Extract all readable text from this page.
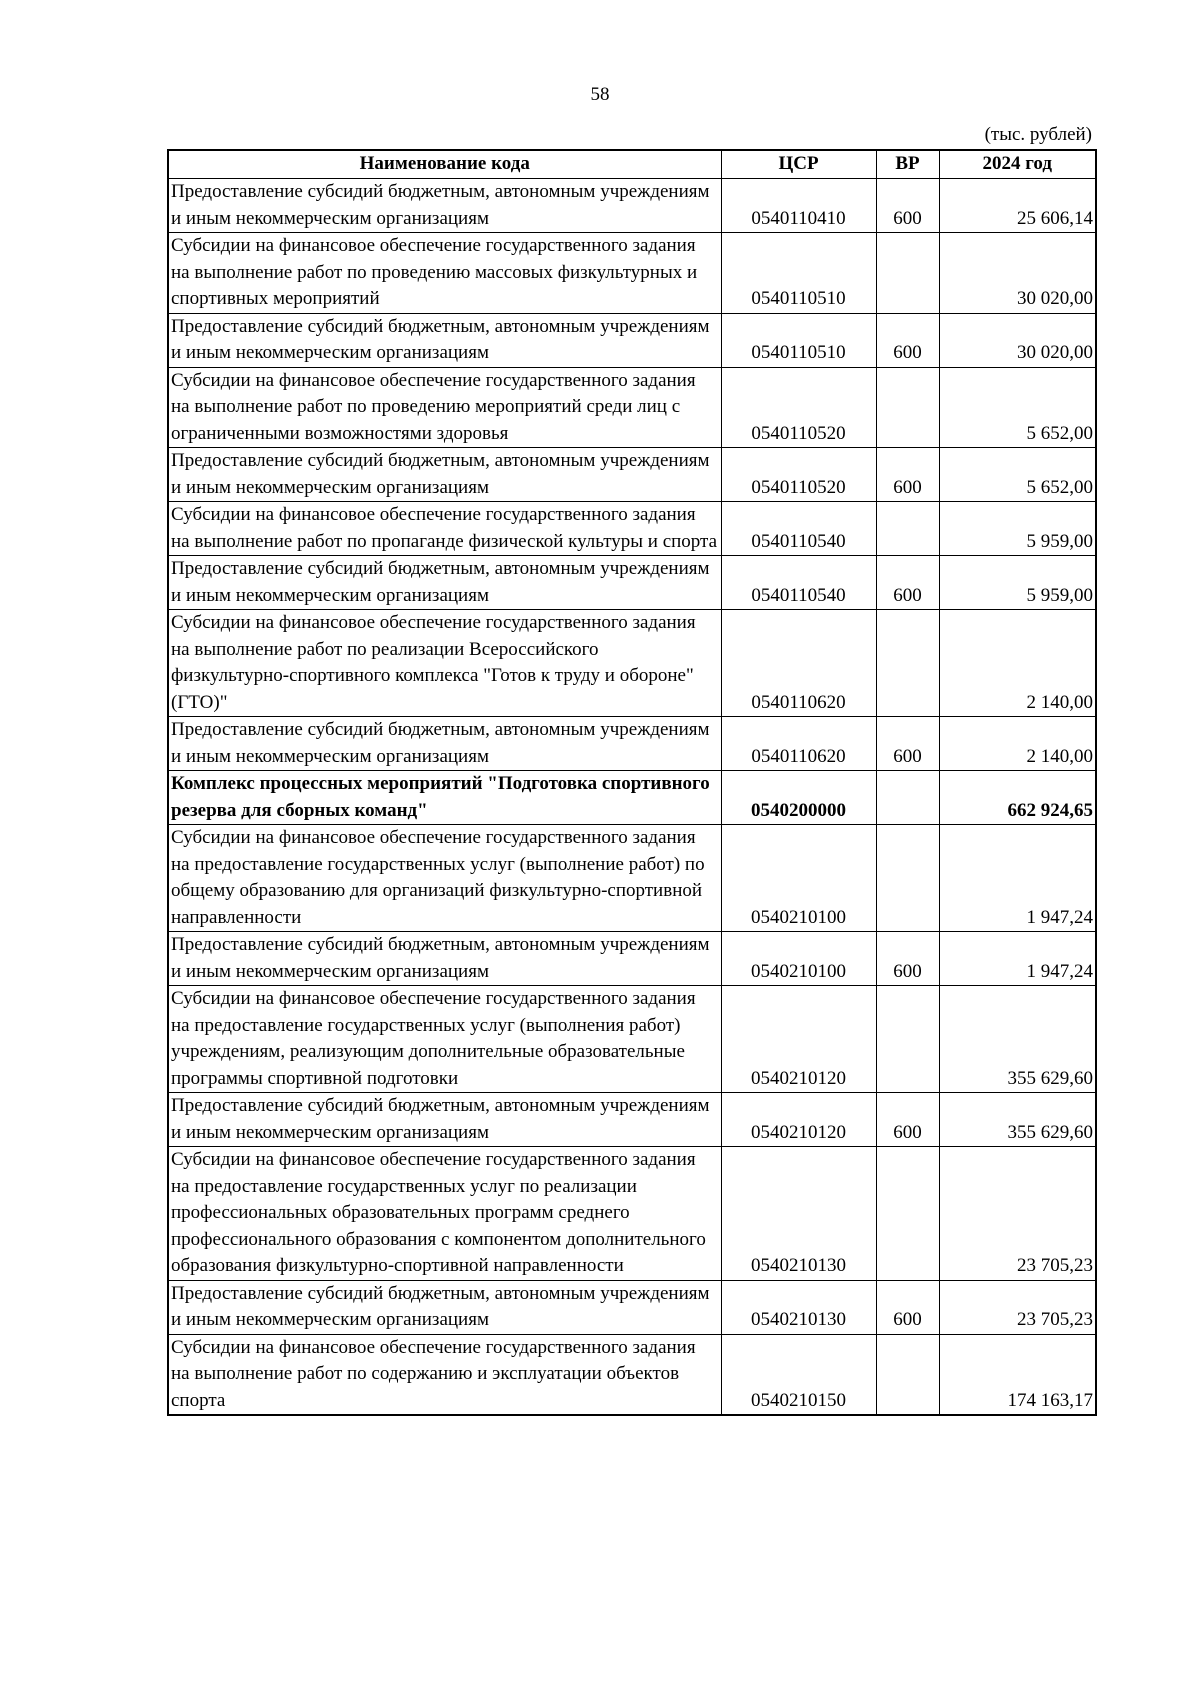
58
(тыс. рублей)
Наименование кода	ЦСР	ВР	2024 год
Предоставление субсидий бюджетным, автономным учреждениям и иным некоммерческим организациям	0540110410	600	25 606,14
Субсидии на финансовое обеспечение государственного задания на выполнение работ по проведению массовых физкультурных и спортивных мероприятий	0540110510		30 020,00
Предоставление субсидий бюджетным, автономным учреждениям и иным некоммерческим организациям	0540110510	600	30 020,00
Субсидии на финансовое обеспечение государственного задания на выполнение работ по проведению мероприятий среди лиц с ограниченными возможностями здоровья	0540110520		5 652,00
Предоставление субсидий бюджетным, автономным учреждениям и иным некоммерческим организациям	0540110520	600	5 652,00
Субсидии на финансовое обеспечение государственного задания на выполнение работ по пропаганде физической культуры и спорта	0540110540		5 959,00
Предоставление субсидий бюджетным, автономным учреждениям и иным некоммерческим организациям	0540110540	600	5 959,00
Субсидии на финансовое обеспечение государственного задания на выполнение работ по реализации Всероссийского физкультурно-спортивного комплекса "Готов к труду и обороне" (ГТО)"	0540110620		2 140,00
Предоставление субсидий бюджетным, автономным учреждениям и иным некоммерческим организациям	0540110620	600	2 140,00
Комплекс процессных мероприятий "Подготовка спортивного резерва для сборных команд"	0540200000		662 924,65
Субсидии на финансовое обеспечение государственного задания на предоставление государственных услуг (выполнение работ) по общему образованию для организаций физкультурно-спортивной направленности	0540210100		1 947,24
Предоставление субсидий бюджетным, автономным учреждениям и иным некоммерческим организациям	0540210100	600	1 947,24
Субсидии на финансовое обеспечение государственного задания на предоставление государственных услуг (выполнения работ) учреждениям, реализующим дополнительные образовательные программы спортивной подготовки	0540210120		355 629,60
Предоставление субсидий бюджетным, автономным учреждениям и иным некоммерческим организациям	0540210120	600	355 629,60
Субсидии на финансовое обеспечение государственного задания на предоставление государственных услуг по реализации профессиональных образовательных программ среднего профессионального образования с компонентом дополнительного образования физкультурно-спортивной направленности	0540210130		23 705,23
Предоставление субсидий бюджетным, автономным учреждениям и иным некоммерческим организациям	0540210130	600	23 705,23
Субсидии на финансовое обеспечение государственного задания на выполнение работ по содержанию и эксплуатации объектов спорта	0540210150		174 163,17
